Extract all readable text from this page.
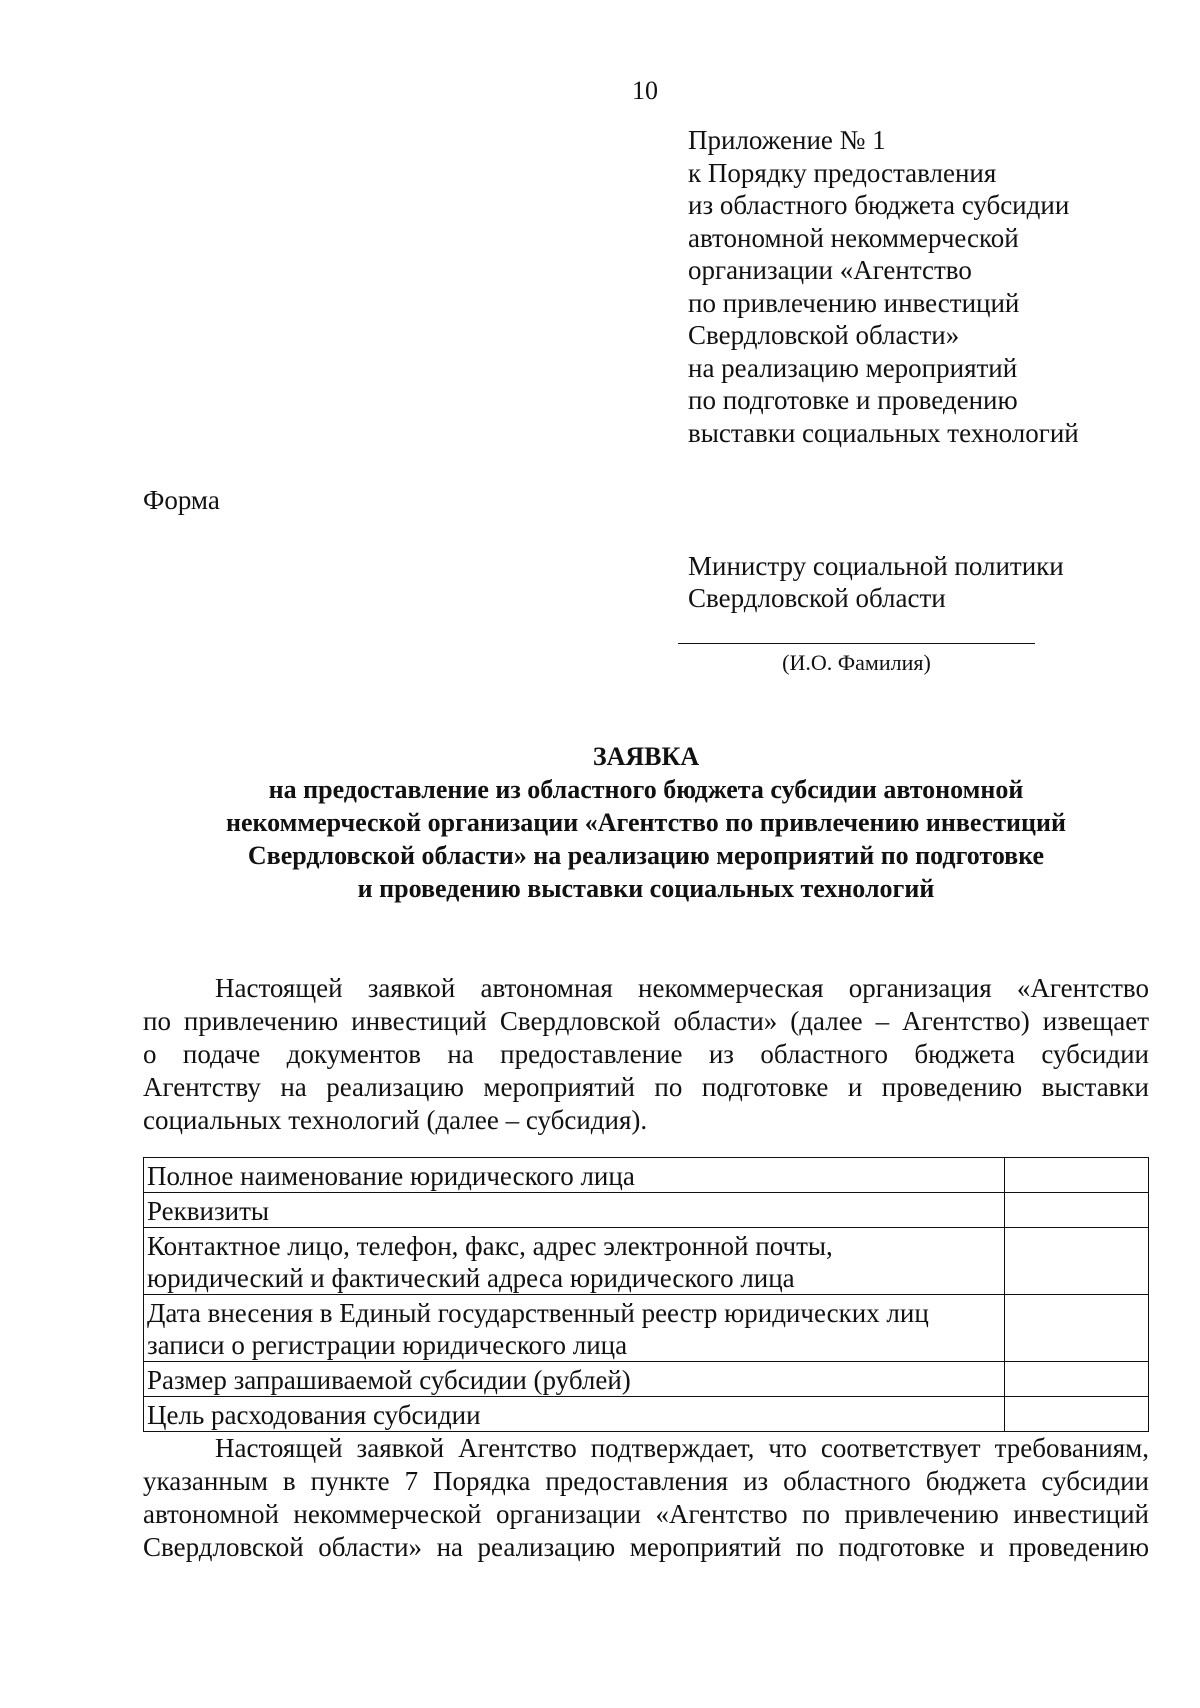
10
Приложение № 1
к Порядку предоставления
из областного бюджета субсидии
автономной некоммерческой
организации «Агентство
по привлечению инвестиций
Свердловской области»
на реализацию мероприятий
по подготовке и проведению
выставки социальных технологий
Форма
Министру социальной политики
Свердловской области
(И.О. Фамилия)
ЗАЯВКА
на предоставление из областного бюджета субсидии автономной
некоммерческой организации «Агентство по привлечению инвестиций
Свердловской области» на реализацию мероприятий по подготовке
и проведению выставки социальных технологий
Настоящей заявкой автономная некоммерческая организация «Агентство
по привлечению инвестиций Свердловской области» (далее – Агентство) извещает
о подаче документов на предоставление из областного бюджета субсидии
Агентству на реализацию мероприятий по подготовке и проведению выставки
социальных технологий (далее – субсидия).
Полное наименование юридического лица	

Реквизиты	

Контактное лицо, телефон, факс, адрес электронной почты,
юридический и фактический адреса юридического лица	

Дата внесения в Единый государственный реестр юридических лиц
записи о регистрации юридического лица	

Размер запрашиваемой субсидии (рублей)	

Цель расходования субсидии	

Настоящей заявкой Агентство подтверждает, что соответствует требованиям,
указанным в пункте 7 Порядка предоставления из областного бюджета субсидии
автономной некоммерческой организации «Агентство по привлечению инвестиций
Свердловской области» на реализацию мероприятий по подготовке и проведению
